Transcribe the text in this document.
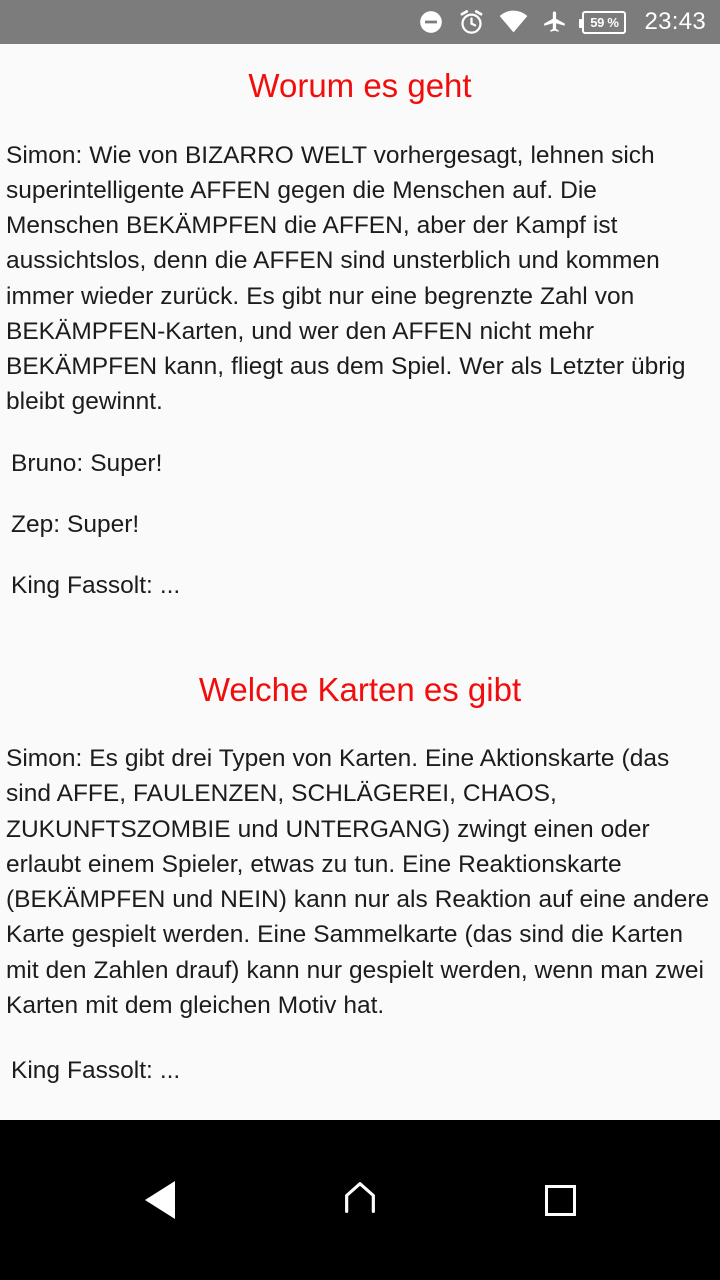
59 % 23:43
Worum es geht

Simon: Wie von BIZARRO WELT vorhergesagt, lehnen sich superintelligente AFFEN gegen die Menschen auf. Die Menschen BEKÄMPFEN die AFFEN, aber der Kampf ist aussichtslos, denn die AFFEN sind unsterblich und kommen immer wieder zurück. Es gibt nur eine begrenzte Zahl von BEKÄMPFEN-Karten, und wer den AFFEN nicht mehr BEKÄMPFEN kann, fliegt aus dem Spiel. Wer als Letzter übrig bleibt gewinnt.

Bruno: Super!

Zep: Super!

King Fassolt: ...

Welche Karten es gibt

Simon: Es gibt drei Typen von Karten. Eine Aktionskarte (das sind AFFE, FAULENZEN, SCHLÄGEREI, CHAOS, ZUKUNFTSZOMBIE und UNTERGANG) zwingt einen oder erlaubt einem Spieler, etwas zu tun. Eine Reaktionskarte (BEKÄMPFEN und NEIN) kann nur als Reaktion auf eine andere Karte gespielt werden. Eine Sammelkarte (das sind die Karten mit den Zahlen drauf) kann nur gespielt werden, wenn man zwei Karten mit dem gleichen Motiv hat.

King Fassolt: ...
